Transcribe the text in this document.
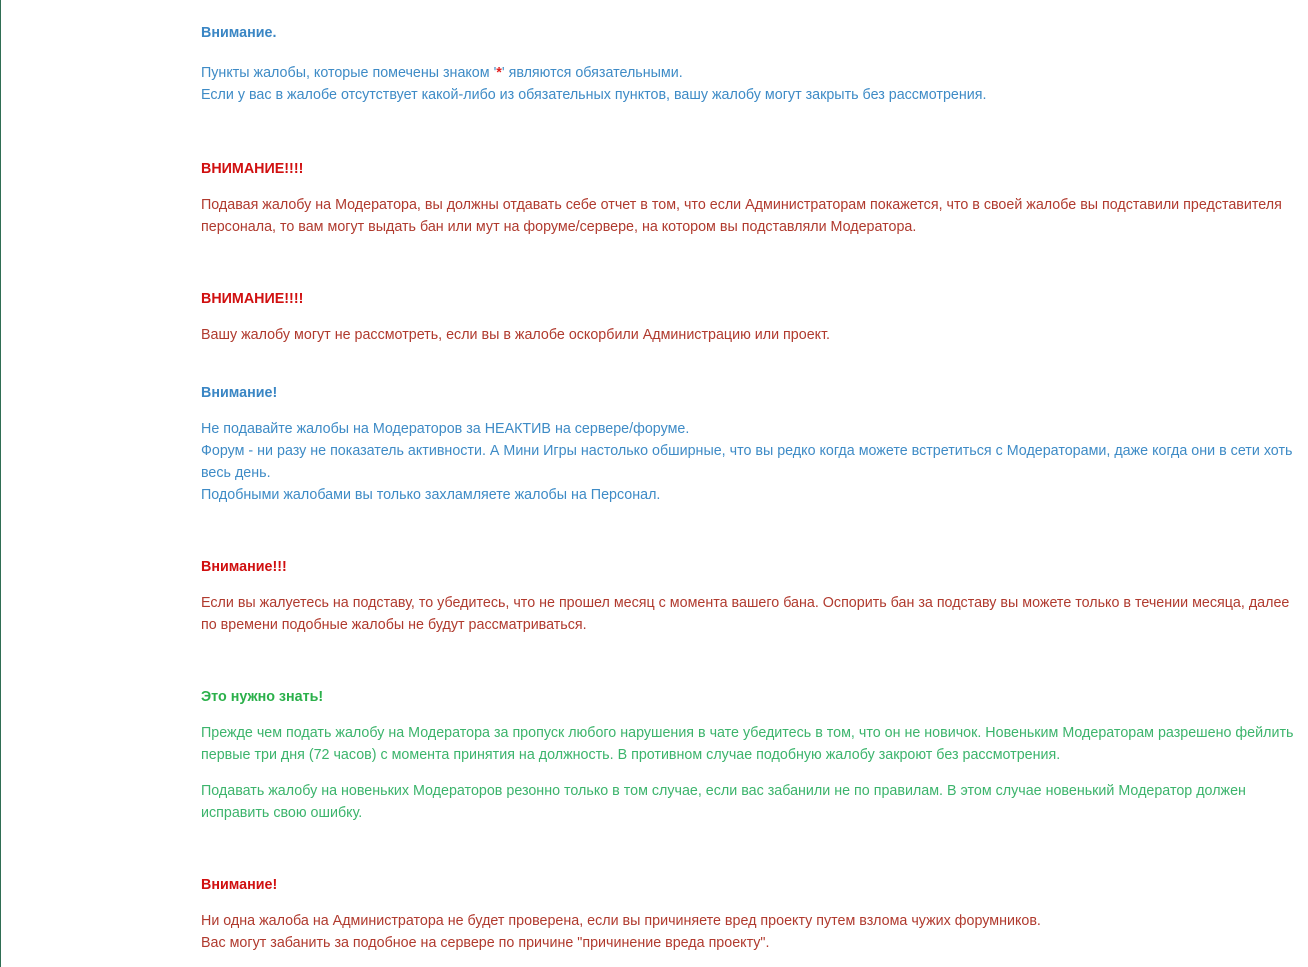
Внимание.

Пункты жалобы, которые помечены знаком '*' являются обязательными.

Если у вас в жалобе отсутствует какой-либо из обязательных пунктов, вашу жалобу могут закрыть без рассмотрения.

ВНИМАНИЕ!!!!

Подавая жалобу на Модератора, вы должны отдавать себе отчет в том, что если Администраторам покажется, что в своей жалобе вы подставили представителя персонала, то вам могут выдать бан или мут на форуме/сервере, на котором вы подставляли Модератора.

ВНИМАНИЕ!!!!

Вашу жалобу могут не рассмотреть, если вы в жалобе оскорбили Администрацию или проект.

Внимание!

Не подавайте жалобы на Модераторов за НЕАКТИВ на сервере/форуме.

Форум - ни разу не показатель активности. А Мини Игры настолько обширные, что вы редко когда можете встретиться с Модераторами, даже когда они в сети хоть весь день.

Подобными жалобами вы только захламляете жалобы на Персонал.

Внимание!!!

Если вы жалуетесь на подставу, то убедитесь, что не прошел месяц с момента вашего бана. Оспорить бан за подставу вы можете только в течении месяца, далее по времени подобные жалобы не будут рассматриваться.

Это нужно знать!

Прежде чем подать жалобу на Модератора за пропуск любого нарушения в чате убедитесь в том, что он не новичок. Новеньким Модераторам разрешено фейлить первые три дня (72 часов) с момента принятия на должность. В противном случае подобную жалобу закроют без рассмотрения.

Подавать жалобу на новеньких Модераторов резонно только в том случае, если вас забанили не по правилам. В этом случае новенький Модератор должен исправить свою ошибку.

Внимание!

Ни одна жалоба на Администратора не будет проверена, если вы причиняете вред проекту путем взлома чужих форумников.

Вас могут забанить за подобное на сервере по причине "причинение вреда проекту".
